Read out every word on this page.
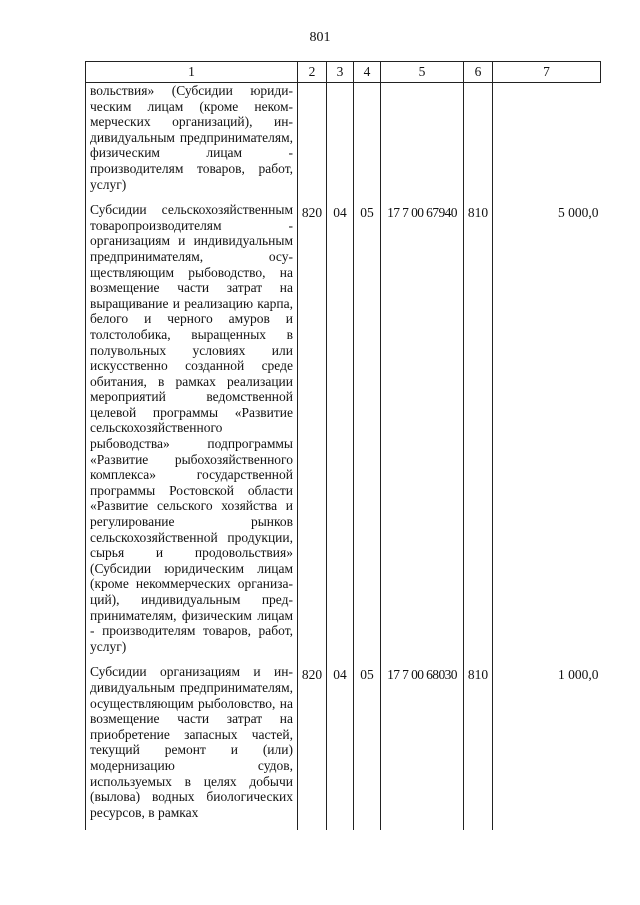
801
1	2	3	4	5	6	7
вольствия» (Субсидии юридическим лицам (кроме некоммерческих организаций), индивидуальным предпринимателям, физическим лицам - производителям товаров, работ, услуг)						
Субсидии сельскохозяйственным товаропроизводителям - организациям и индивидуальным предпринимателям, осуществляющим рыбоводство, на возмещение части затрат на выращивание и реализацию карпа, белого и черного амуров и толстолобика, выращенных в полувольных условиях или искусственно созданной среде обитания, в рамках реализации мероприятий ведомственной целевой программы «Развитие сельскохозяйственного рыбоводства» подпрограммы «Развитие рыбохозяйственного комплекса» государственной программы Ростовской области «Развитие сельского хозяйства и регулирование рынков сельскохозяйственной продукции, сырья и продовольствия» (Субсидии юридическим лицам (кроме некоммерческих организаций), индивидуальным предпринимателям, физическим лицам - производителям товаров, работ, услуг)	820	04	05	17 7 00 67940	810	5 000,0
Субсидии организациям и индивидуальным предпринимателям, осуществляющим рыболовство, на возмещение части затрат на приобретение запасных частей, текущий ремонт и (или) модернизацию судов, используемых в целях добычи (вылова) водных биологических ресурсов, в рамках	820	04	05	17 7 00 68030	810	1 000,0
